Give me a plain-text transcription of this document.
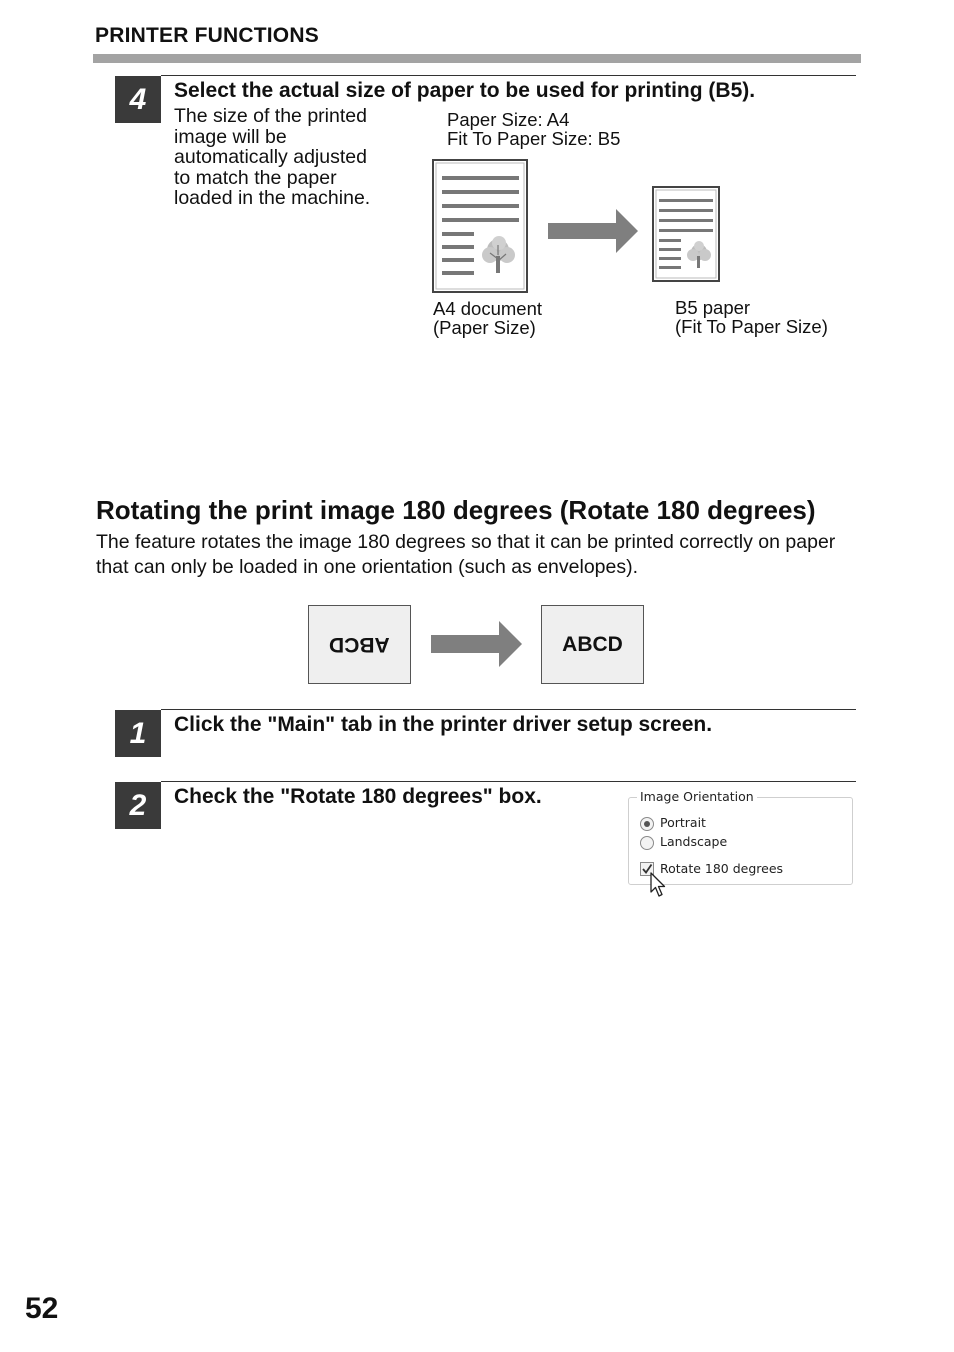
PRINTER FUNCTIONS
4	Select the actual size of paper to be used for printing (B5).
The size of the printed
image will be
automatically adjusted
to match the paper
loaded in the machine.
Paper Size: A4
Fit To Paper Size: B5
A4 document
(Paper Size)
B5 paper
(Fit To Paper Size)
Rotating the print image 180 degrees (Rotate 180 degrees)
The feature rotates the image 180 degrees so that it can be printed correctly on paper that can only be loaded in one orientation (such as envelopes).
ABCD	ABCD
1	Click the "Main" tab in the printer driver setup screen.
2	Check the "Rotate 180 degrees" box.	Image Orientation
Portrait
Landscape
Rotate 180 degrees
52
